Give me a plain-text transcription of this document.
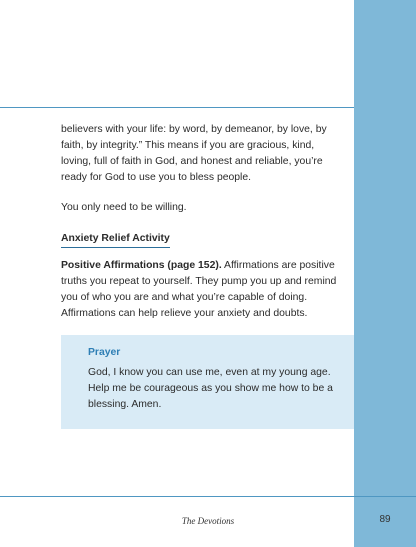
believers with your life: by word, by demeanor, by love, by faith, by integrity.” This means if you are gracious, kind, loving, full of faith in God, and honest and reliable, you’re ready for God to use you to bless people.

You only need to be willing.

Anxiety Relief Activity

Positive Affirmations (page 152). Affirmations are positive truths you repeat to yourself. They pump you up and remind you of who you are and what you’re capable of doing. Affirmations can help relieve your anxiety and doubts.

Prayer
God, I know you can use me, even at my young age. Help me be courageous as you show me how to be a blessing. Amen.
The Devotions	89
